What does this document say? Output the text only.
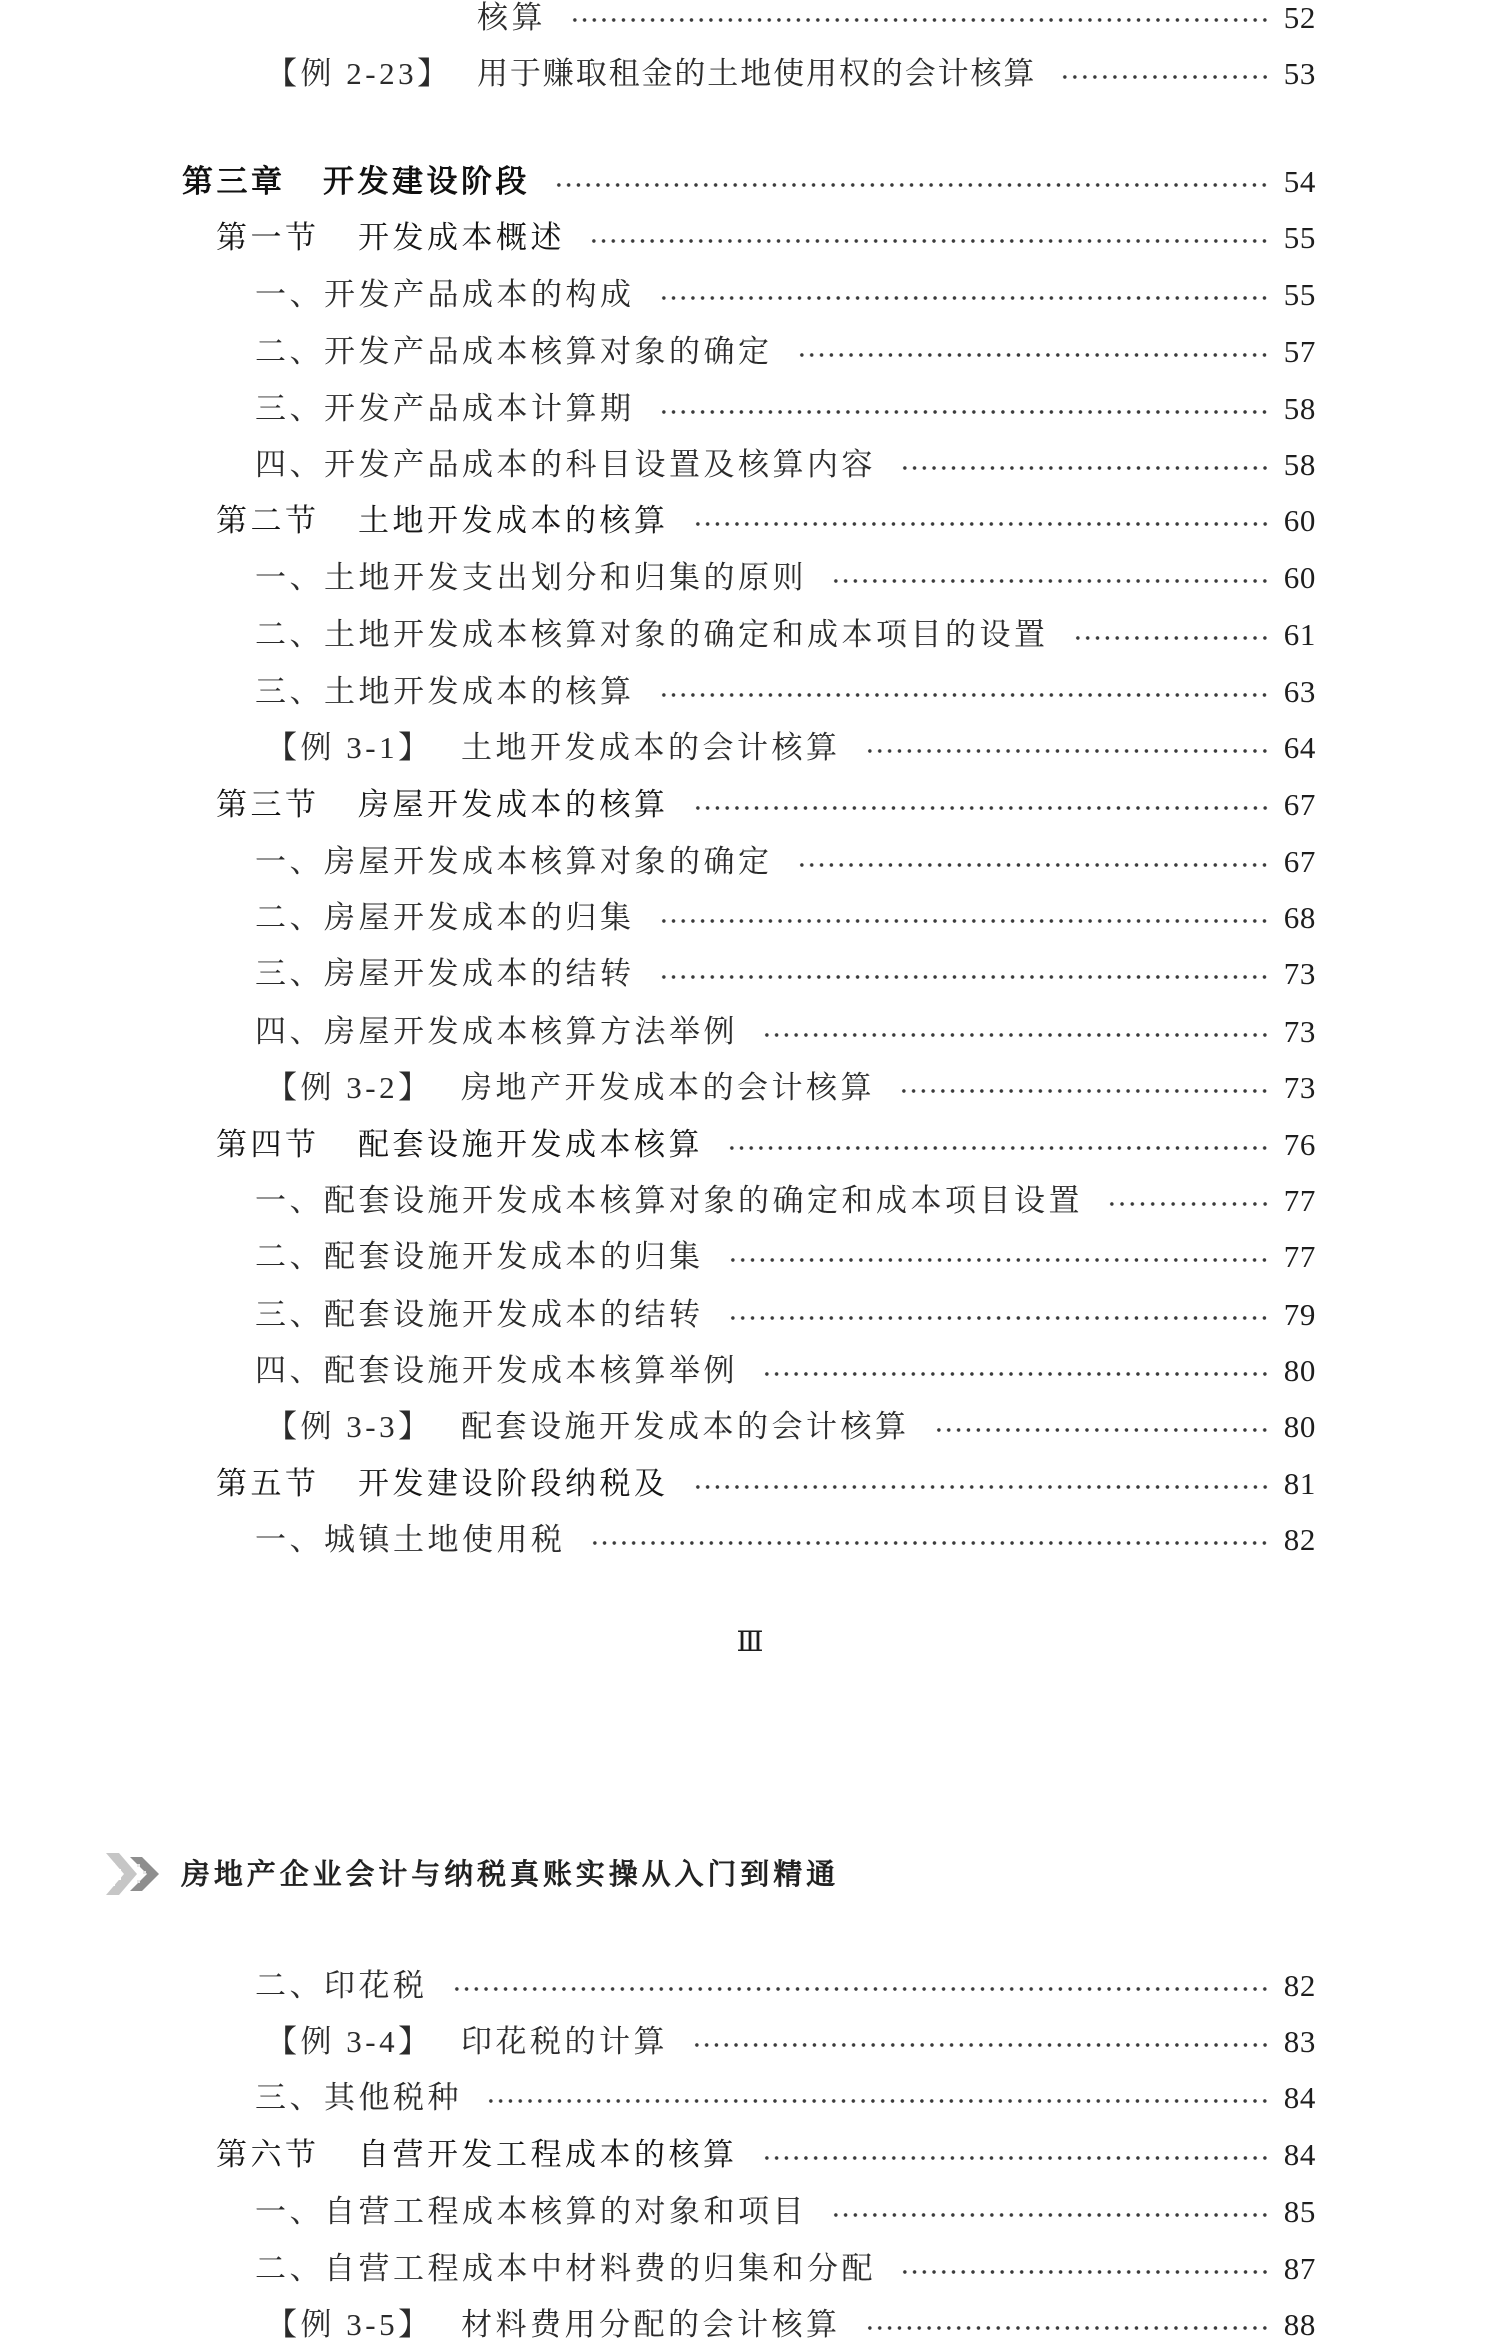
核算	52
【例 2-23】 用于赚取租金的土地使用权的会计核算	53
第三章	开发建设阶段	54
第一节	开发成本概述	55
一、开发产品成本的构成	55
二、开发产品成本核算对象的确定	57
三、开发产品成本计算期	58
四、开发产品成本的科目设置及核算内容	58
第二节	土地开发成本的核算	60
一、土地开发支出划分和归集的原则	60
二、土地开发成本核算对象的确定和成本项目的设置	61
三、土地开发成本的核算	63
【例 3-1】 土地开发成本的会计核算	64
第三节	房屋开发成本的核算	67
一、房屋开发成本核算对象的确定	67
二、房屋开发成本的归集	68
三、房屋开发成本的结转	73
四、房屋开发成本核算方法举例	73
【例 3-2】 房地产开发成本的会计核算	73
第四节	配套设施开发成本核算	76
一、配套设施开发成本核算对象的确定和成本项目设置	77
二、配套设施开发成本的归集	77
三、配套设施开发成本的结转	79
四、配套设施开发成本核算举例	80
【例 3-3】 配套设施开发成本的会计核算	80
第五节	开发建设阶段纳税及	81
一、城镇土地使用税	82
Ⅲ
房地产企业会计与纳税真账实操从入门到精通
二、印花税	82
【例 3-4】 印花税的计算	83
三、其他税种	84
第六节	自营开发工程成本的核算	84
一、自营工程成本核算的对象和项目	85
二、自营工程成本中材料费的归集和分配	87
【例 3-5】 材料费用分配的会计核算	88
